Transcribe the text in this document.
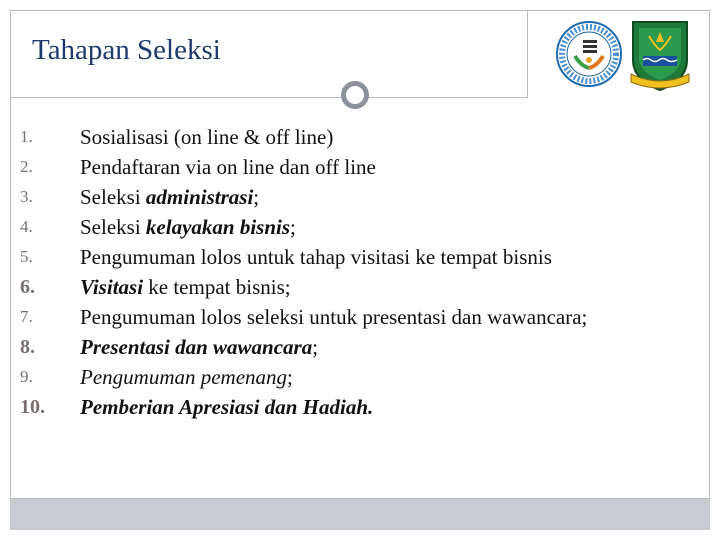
Tahapan Seleksi
1.	Sosialisasi (on line & off line)
2.	Pendaftaran via on line dan off line
3.	Seleksi administrasi;
4.	Seleksi kelayakan bisnis;
5.	Pengumuman lolos untuk tahap visitasi ke tempat bisnis
6.	Visitasi ke tempat bisnis;
7.	Pengumuman lolos seleksi untuk presentasi dan wawancara;
8.	Presentasi dan wawancara;
9.	Pengumuman pemenang;
10.	Pemberian Apresiasi dan Hadiah.
